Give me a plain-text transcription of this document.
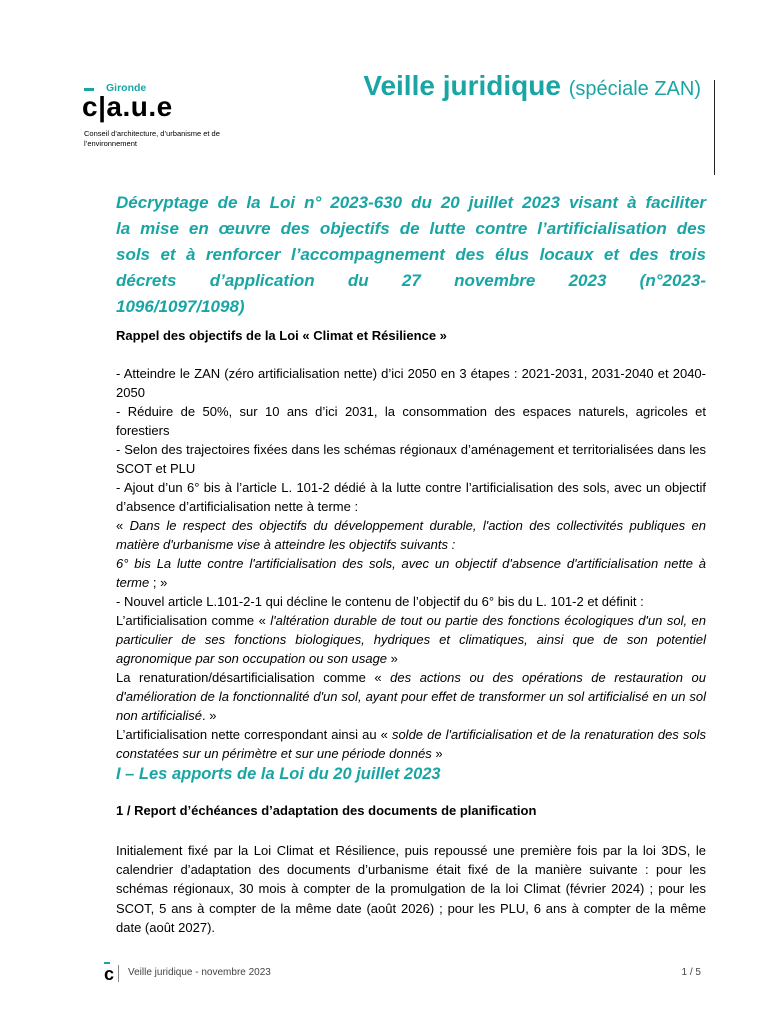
Gironde
c|a.u.e
Conseil d’architecture, d’urbanisme et de l’environnement
Veille juridique (spéciale ZAN)

Décryptage de la Loi n° 2023-630 du 20 juillet 2023 visant à faciliter
la mise en œuvre des objectifs de lutte contre l’artificialisation des
sols et à renforcer l’accompagnement des élus locaux et des trois
décrets d’application du 27 novembre 2023 (n°2023-
1096/1097/1098)

Rappel des objectifs de la Loi « Climat et Résilience »

- Atteindre le ZAN (zéro artificialisation nette) d’ici 2050 en 3 étapes : 2021-2031, 2031-2040 et 2040-2050

- Réduire de 50%, sur 10 ans d’ici 2031, la consommation des espaces naturels, agricoles et forestiers

- Selon des trajectoires fixées dans les schémas régionaux d’aménagement et territorialisées dans les SCOT et PLU

- Ajout d’un 6° bis à l’article L. 101-2 dédié à la lutte contre l’artificialisation des sols, avec un objectif d’absence d’artificialisation nette à terme :

« Dans le respect des objectifs du développement durable, l'action des collectivités publiques en matière d'urbanisme vise à atteindre les objectifs suivants :

6° bis La lutte contre l'artificialisation des sols, avec un objectif d'absence d'artificialisation nette à terme ; »

- Nouvel article L.101-2-1 qui décline le contenu de l’objectif du 6° bis du L. 101-2 et définit :

L’artificialisation comme « l'altération durable de tout ou partie des fonctions écologiques d'un sol, en particulier de ses fonctions biologiques, hydriques et climatiques, ainsi que de son potentiel agronomique par son occupation ou son usage »

La renaturation/désartificialisation comme « des actions ou des opérations de restauration ou d'amélioration de la fonctionnalité d'un sol, ayant pour effet de transformer un sol artificialisé en un sol non artificialisé. »

L’artificialisation nette correspondant ainsi au « solde de l'artificialisation et de la renaturation des sols constatées sur un périmètre et sur une période donnés »

I – Les apports de la Loi du 20 juillet 2023

1 / Report d’échéances d’adaptation des documents de planification

Initialement fixé par la Loi Climat et Résilience, puis repoussé une première fois par la loi 3DS, le calendrier d’adaptation des documents d’urbanisme était fixé de la manière suivante : pour les schémas régionaux, 30 mois à compter de la promulgation de la loi Climat (février 2024) ; pour les SCOT, 5 ans à compter de la même date (août 2026) ; pour les PLU, 6 ans à compter de la même date (août 2027).

c Veille juridique - novembre 2023	1 / 5
